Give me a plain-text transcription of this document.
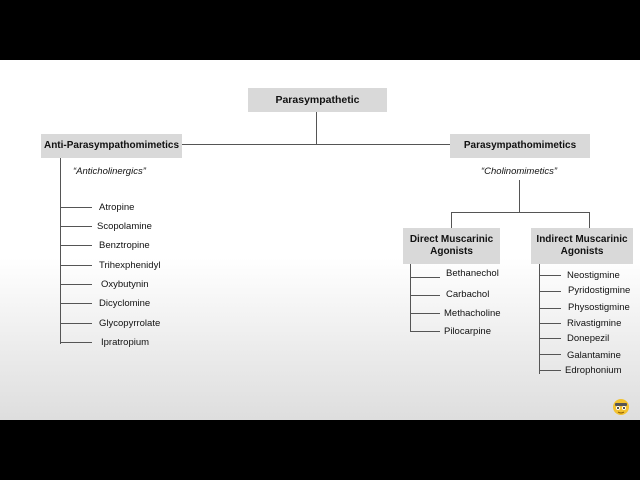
Parasympathetic
Anti-Parasympathomimetics
“Anticholinergics”
Atropine
Scopolamine
Benztropine
Trihexphenidyl
Oxybutynin
Dicyclomine
Glycopyrrolate
Ipratropium
Parasympathomimetics
“Cholinomimetics”
Direct Muscarinic Agonists
Bethanechol
Carbachol
Methacholine
Pilocarpine
Indirect Muscarinic Agonists
Neostigmine
Pyridostigmine
Physostigmine
Rivastigmine
Donepezil
Galantamine
Edrophonium
